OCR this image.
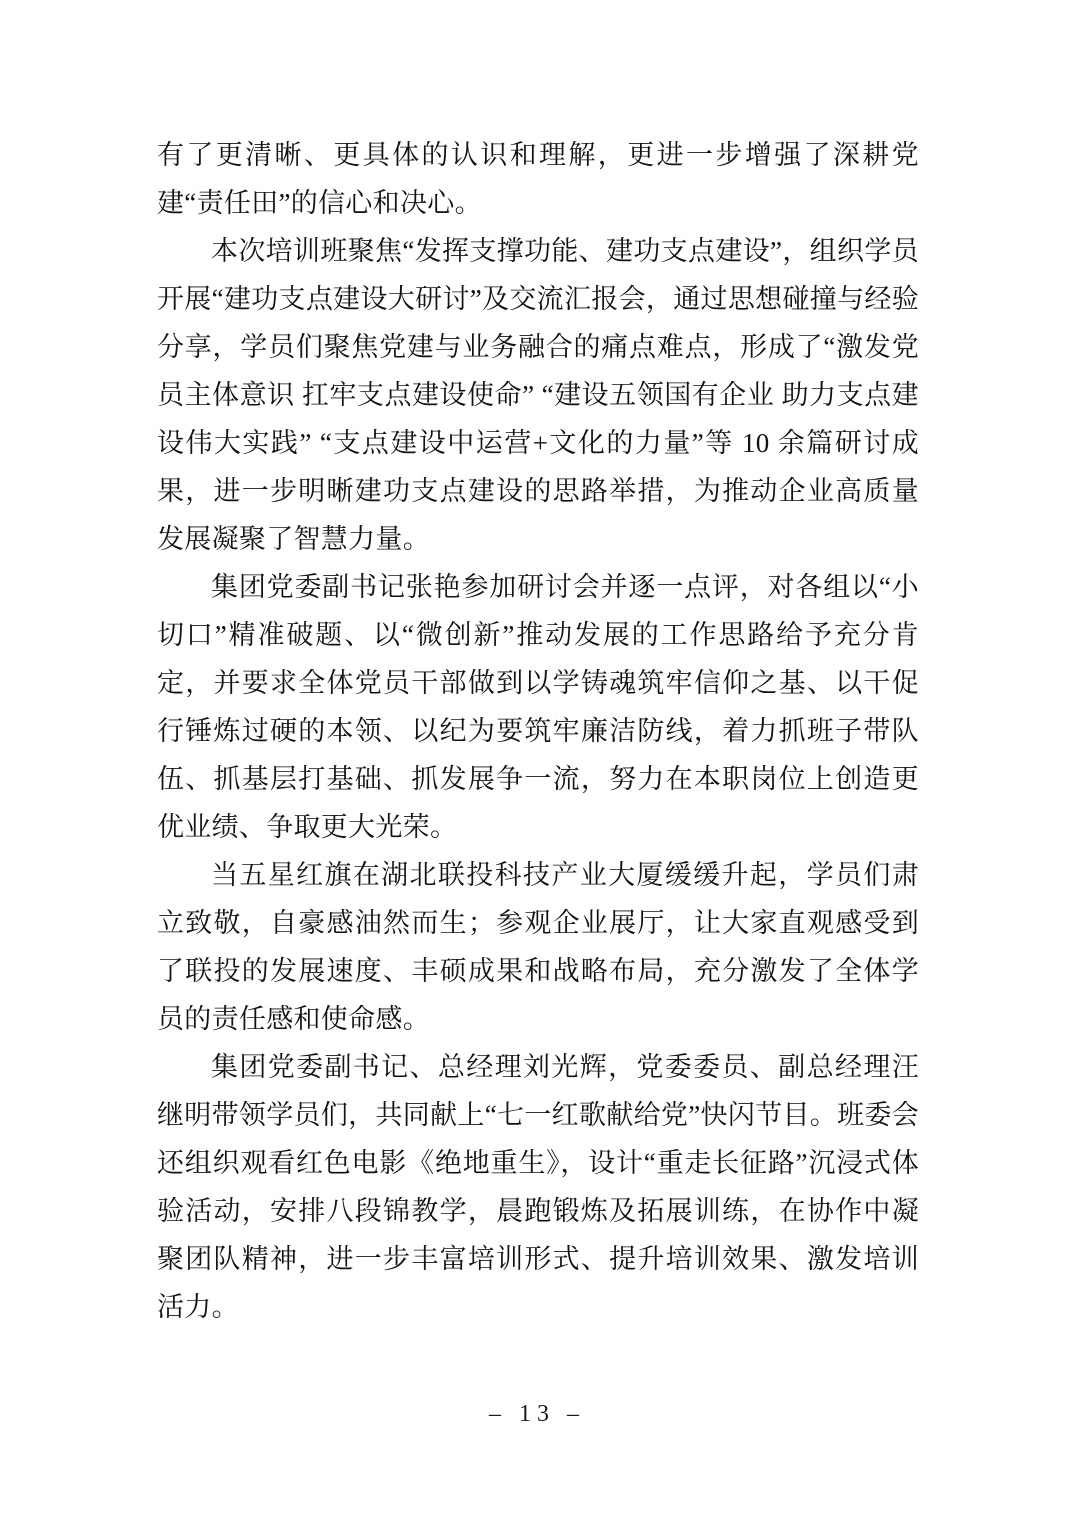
有了更清晰、更具体的认识和理解，更进一步增强了深耕党建“责任田”的信心和决心。

本次培训班聚焦“发挥支撑功能、建功支点建设”，组织学员开展“建功支点建设大研讨”及交流汇报会，通过思想碰撞与经验分享，学员们聚焦党建与业务融合的痛点难点，形成了“激发党员主体意识 扛牢支点建设使命” “建设五领国有企业 助力支点建设伟大实践” “支点建设中运营+文化的力量”等 10 余篇研讨成果，进一步明晰建功支点建设的思路举措，为推动企业高质量发展凝聚了智慧力量。

集团党委副书记张艳参加研讨会并逐一点评，对各组以“小切口”精准破题、以“微创新”推动发展的工作思路给予充分肯定，并要求全体党员干部做到以学铸魂筑牢信仰之基、以干促行锤炼过硬的本领、以纪为要筑牢廉洁防线，着力抓班子带队伍、抓基层打基础、抓发展争一流，努力在本职岗位上创造更优业绩、争取更大光荣。

当五星红旗在湖北联投科技产业大厦缓缓升起，学员们肃立致敬，自豪感油然而生；参观企业展厅，让大家直观感受到了联投的发展速度、丰硕成果和战略布局，充分激发了全体学员的责任感和使命感。

集团党委副书记、总经理刘光辉，党委委员、副总经理汪继明带领学员们，共同献上“七一红歌献给党”快闪节目。班委会还组织观看红色电影《绝地重生》，设计“重走长征路”沉浸式体验活动，安排八段锦教学，晨跑锻炼及拓展训练，在协作中凝聚团队精神，进一步丰富培训形式、提升培训效果、激发培训活力。

– 13 –
